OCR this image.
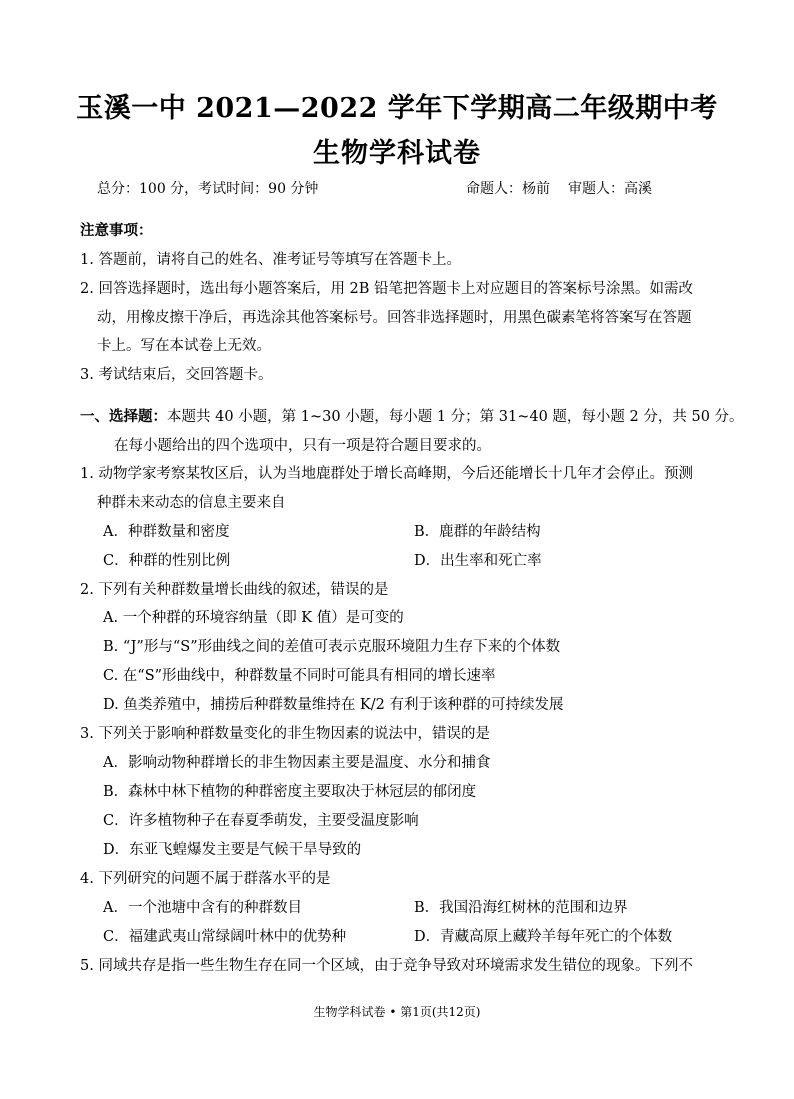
玉溪一中 2021—2022 学年下学期高二年级期中考
生物学科试卷
总分：100 分，考试时间：90 分钟	命题人：杨前 审题人：高溪
注意事项：
1. 答题前，请将自己的姓名、准考证号等填写在答题卡上。
2. 回答选择题时，选出每小题答案后，用 2B 铅笔把答题卡上对应题目的答案标号涂黑。如需改
动，用橡皮擦干净后，再选涂其他答案标号。回答非选择题时，用黑色碳素笔将答案写在答题
卡上。写在本试卷上无效。
3. 考试结束后，交回答题卡。
一、选择题：本题共 40 小题，第 1~30 小题，每小题 1 分；第 31~40 题，每小题 2 分，共 50 分。
在每小题给出的四个选项中，只有一项是符合题目要求的。
1. 动物学家考察某牧区后，认为当地鹿群处于增长高峰期，今后还能增长十几年才会停止。预测
种群未来动态的信息主要来自
A．种群数量和密度	B．鹿群的年龄结构
C．种群的性别比例	D．出生率和死亡率
2. 下列有关种群数量增长曲线的叙述，错误的是
A. 一个种群的环境容纳量（即 K 值）是可变的
B. “J”形与“S”形曲线之间的差值可表示克服环境阻力生存下来的个体数
C. 在“S”形曲线中，种群数量不同时可能具有相同的增长速率
D. 鱼类养殖中，捕捞后种群数量维持在 K/2 有利于该种群的可持续发展
3. 下列关于影响种群数量变化的非生物因素的说法中，错误的是
A．影响动物种群增长的非生物因素主要是温度、水分和捕食
B．森林中林下植物的种群密度主要取决于林冠层的郁闭度
C．许多植物种子在春夏季萌发，主要受温度影响
D．东亚飞蝗爆发主要是气候干旱导致的
4. 下列研究的问题不属于群落水平的是
A．一个池塘中含有的种群数目	B．我国沿海红树林的范围和边界
C．福建武夷山常绿阔叶林中的优势种	D．青藏高原上藏羚羊每年死亡的个体数
5. 同域共存是指一些生物生存在同一个区域，由于竞争导致对环境需求发生错位的现象。下列不
生物学科试卷 • 第1页(共12页)
